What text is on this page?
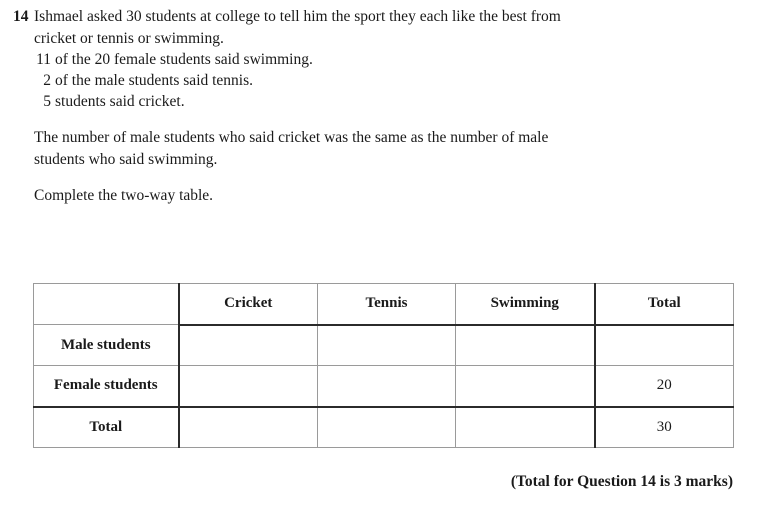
14 Ishmael asked 30 students at college to tell him the sport they each like the best from

cricket or tennis or swimming.

11 of the 20 female students said swimming.
2 of the male students said tennis.
5 students said cricket.

The number of male students who said cricket was the same as the number of male

students who said swimming.

Complete the two-way table.

	Cricket	Tennis	Swimming	Total
Male students				
Female students				20
Total				30
(Total for Question 14 is 3 marks)
